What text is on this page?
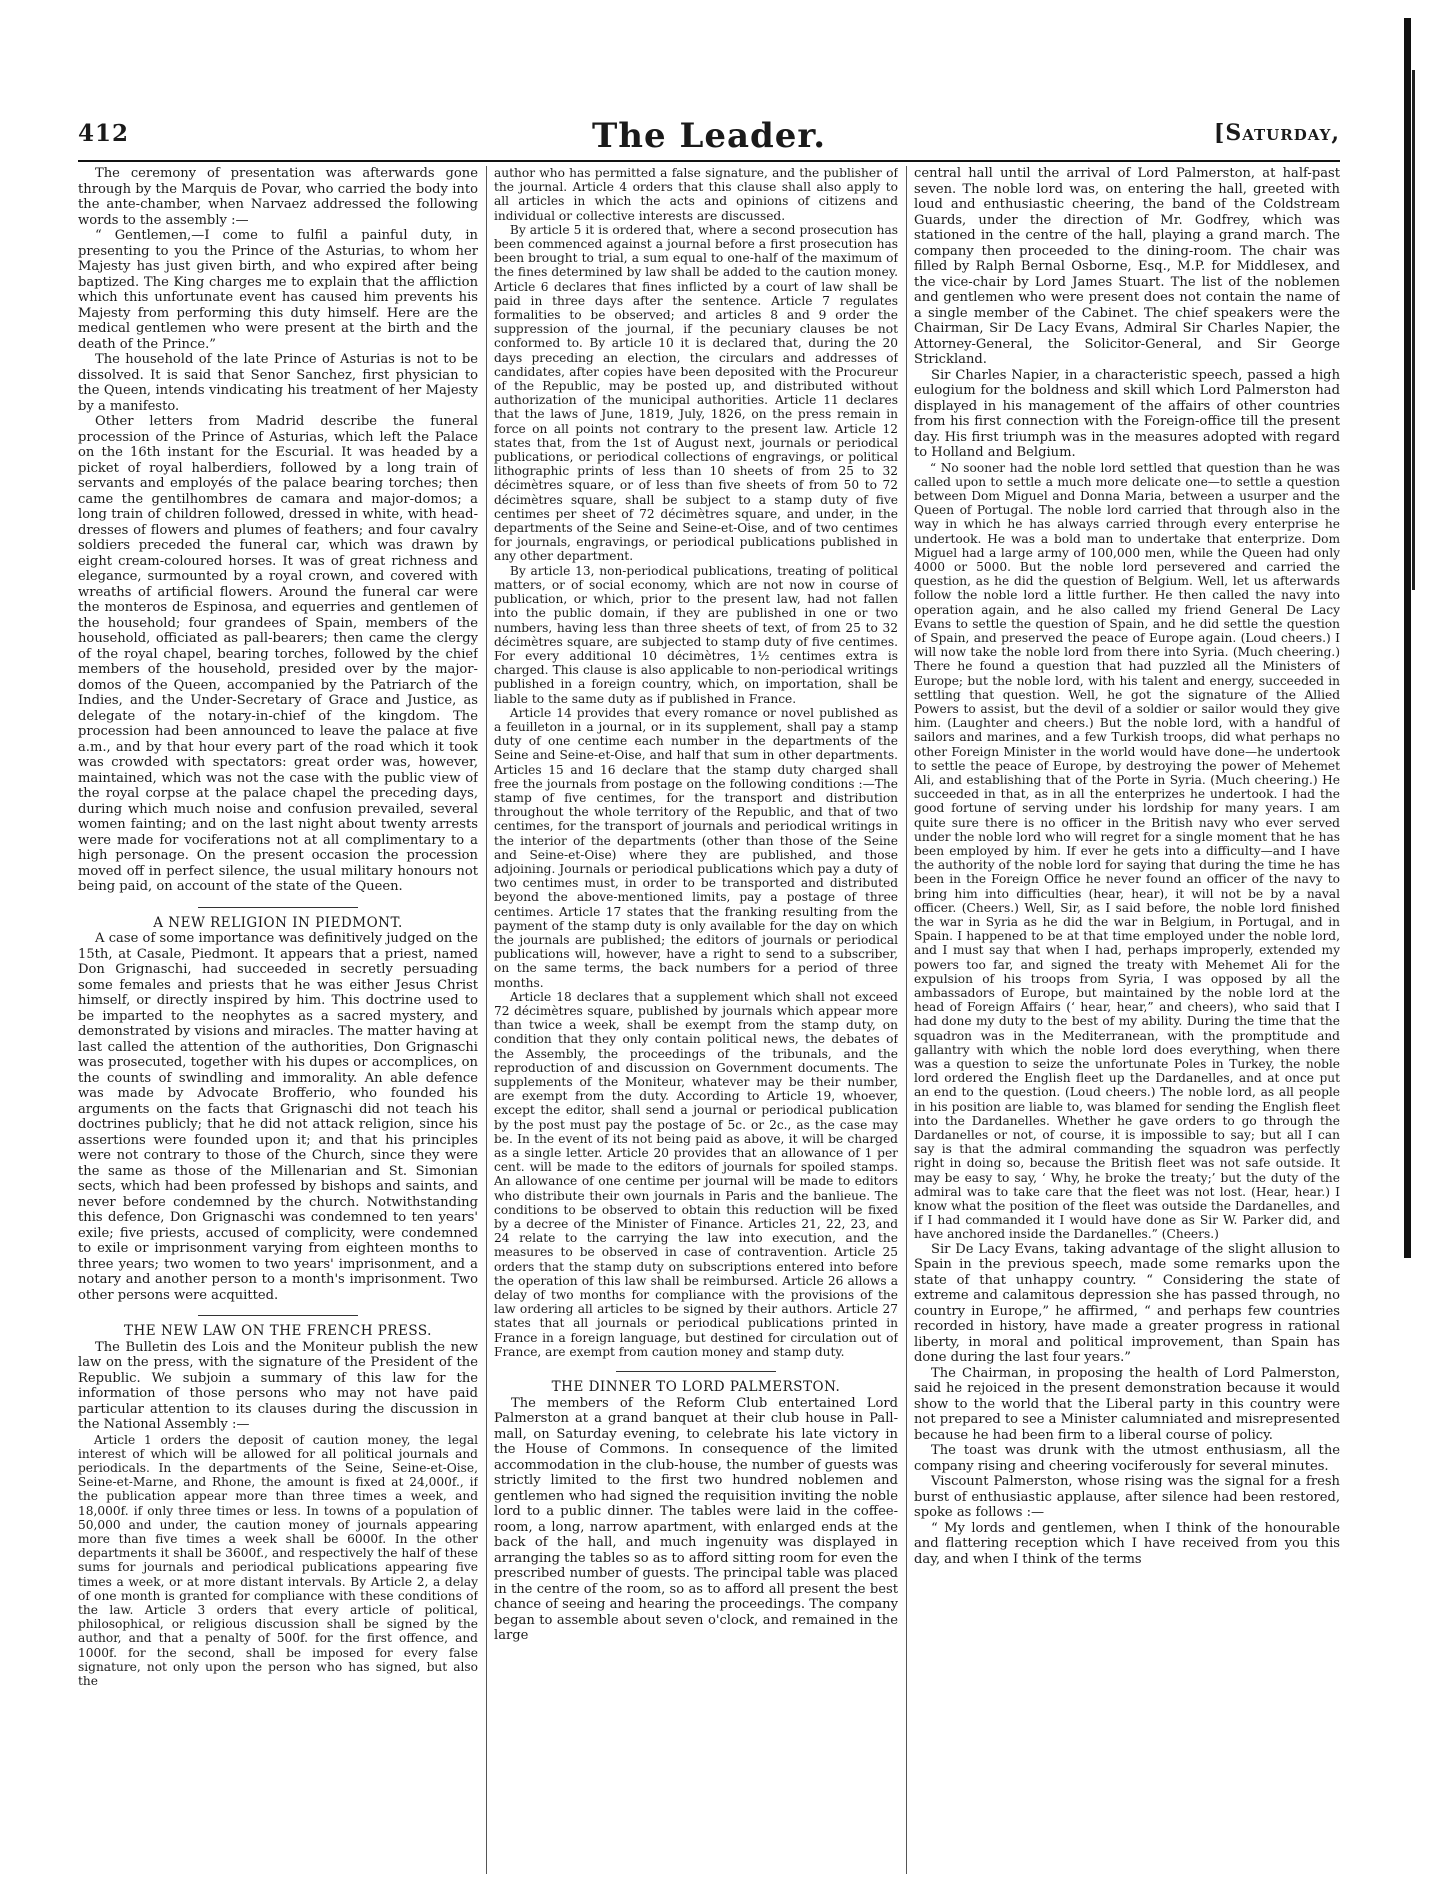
412	The Leader.	[Saturday,

The ceremony of presentation was afterwards gone through by the Marquis de Povar, who carried the body into the ante-chamber, when Narvaez addressed the following words to the assembly :—

“ Gentlemen,—I come to fulfil a painful duty, in presenting to you the Prince of the Asturias, to whom her Majesty has just given birth, and who expired after being baptized. The King charges me to explain that the affliction which this unfortunate event has caused him prevents his Majesty from performing this duty himself. Here are the medical gentlemen who were present at the birth and the death of the Prince.”

The household of the late Prince of Asturias is not to be dissolved. It is said that Senor Sanchez, first physician to the Queen, intends vindicating his treatment of her Majesty by a manifesto.

Other letters from Madrid describe the funeral procession of the Prince of Asturias, which left the Palace on the 16th instant for the Escurial. It was headed by a picket of royal halberdiers, followed by a long train of servants and employés of the palace bearing torches; then came the gentilhombres de camara and major-domos; a long train of children followed, dressed in white, with head-dresses of flowers and plumes of feathers; and four cavalry soldiers preceded the funeral car, which was drawn by eight cream-coloured horses. It was of great richness and elegance, surmounted by a royal crown, and covered with wreaths of artificial flowers. Around the funeral car were the monteros de Espinosa, and equerries and gentlemen of the household; four grandees of Spain, members of the household, officiated as pall-bearers; then came the clergy of the royal chapel, bearing torches, followed by the chief members of the household, presided over by the major-domos of the Queen, accompanied by the Patriarch of the Indies, and the Under-Secretary of Grace and Justice, as delegate of the notary-in-chief of the kingdom. The procession had been announced to leave the palace at five a.m., and by that hour every part of the road which it took was crowded with spectators: great order was, however, maintained, which was not the case with the public view of the royal corpse at the palace chapel the preceding days, during which much noise and confusion prevailed, several women fainting; and on the last night about twenty arrests were made for vociferations not at all complimentary to a high personage. On the present occasion the procession moved off in perfect silence, the usual military honours not being paid, on account of the state of the Queen.

A NEW RELIGION IN PIEDMONT.

A case of some importance was definitively judged on the 15th, at Casale, Piedmont. It appears that a priest, named Don Grignaschi, had succeeded in secretly persuading some females and priests that he was either Jesus Christ himself, or directly inspired by him. This doctrine used to be imparted to the neophytes as a sacred mystery, and demonstrated by visions and miracles. The matter having at last called the attention of the authorities, Don Grignaschi was prosecuted, together with his dupes or accomplices, on the counts of swindling and immorality. An able defence was made by Advocate Brofferio, who founded his arguments on the facts that Grignaschi did not teach his doctrines publicly; that he did not attack religion, since his assertions were founded upon it; and that his principles were not contrary to those of the Church, since they were the same as those of the Millenarian and St. Simonian sects, which had been professed by bishops and saints, and never before condemned by the church. Notwithstanding this defence, Don Grignaschi was condemned to ten years' exile; five priests, accused of complicity, were condemned to exile or imprisonment varying from eighteen months to three years; two women to two years' imprisonment, and a notary and another person to a month's imprisonment. Two other persons were acquitted.

THE NEW LAW ON THE FRENCH PRESS.

The Bulletin des Lois and the Moniteur publish the new law on the press, with the signature of the President of the Republic. We subjoin a summary of this law for the information of those persons who may not have paid particular attention to its clauses during the discussion in the National Assembly :—

Article 1 orders the deposit of caution money, the legal interest of which will be allowed for all political journals and periodicals. In the departments of the Seine, Seine-et-Oise, Seine-et-Marne, and Rhone, the amount is fixed at 24,000f., if the publication appear more than three times a week, and 18,000f. if only three times or less. In towns of a population of 50,000 and under, the caution money of journals appearing more than five times a week shall be 6000f. In the other departments it shall be 3600f., and respectively the half of these sums for journals and periodical publications appearing five times a week, or at more distant intervals. By Article 2, a delay of one month is granted for compliance with these conditions of the law. Article 3 orders that every article of political, philosophical, or religious discussion shall be signed by the author, and that a penalty of 500f. for the first offence, and 1000f. for the second, shall be imposed for every false signature, not only upon the person who has signed, but also the

author who has permitted a false signature, and the publisher of the journal. Article 4 orders that this clause shall also apply to all articles in which the acts and opinions of citizens and individual or collective interests are discussed.

By article 5 it is ordered that, where a second prosecution has been commenced against a journal before a first prosecution has been brought to trial, a sum equal to one-half of the maximum of the fines determined by law shall be added to the caution money. Article 6 declares that fines inflicted by a court of law shall be paid in three days after the sentence. Article 7 regulates formalities to be observed; and articles 8 and 9 order the suppression of the journal, if the pecuniary clauses be not conformed to. By article 10 it is declared that, during the 20 days preceding an election, the circulars and addresses of candidates, after copies have been deposited with the Procureur of the Republic, may be posted up, and distributed without authorization of the municipal authorities. Article 11 declares that the laws of June, 1819, July, 1826, on the press remain in force on all points not contrary to the present law. Article 12 states that, from the 1st of August next, journals or periodical publications, or periodical collections of engravings, or political lithographic prints of less than 10 sheets of from 25 to 32 décimètres square, or of less than five sheets of from 50 to 72 décimètres square, shall be subject to a stamp duty of five centimes per sheet of 72 décimètres square, and under, in the departments of the Seine and Seine-et-Oise, and of two centimes for journals, engravings, or periodical publications published in any other department.

By article 13, non-periodical publications, treating of political matters, or of social economy, which are not now in course of publication, or which, prior to the present law, had not fallen into the public domain, if they are published in one or two numbers, having less than three sheets of text, of from 25 to 32 décimètres square, are subjected to stamp duty of five centimes. For every additional 10 décimètres, 1½ centimes extra is charged. This clause is also applicable to non-periodical writings published in a foreign country, which, on importation, shall be liable to the same duty as if published in France.

Article 14 provides that every romance or novel published as a feuilleton in a journal, or in its supplement, shall pay a stamp duty of one centime each number in the departments of the Seine and Seine-et-Oise, and half that sum in other departments. Articles 15 and 16 declare that the stamp duty charged shall free the journals from postage on the following conditions :—The stamp of five centimes, for the transport and distribution throughout the whole territory of the Republic, and that of two centimes, for the transport of journals and periodical writings in the interior of the departments (other than those of the Seine and Seine-et-Oise) where they are published, and those adjoining. Journals or periodical publications which pay a duty of two centimes must, in order to be transported and distributed beyond the above-mentioned limits, pay a postage of three centimes. Article 17 states that the franking resulting from the payment of the stamp duty is only available for the day on which the journals are published; the editors of journals or periodical publications will, however, have a right to send to a subscriber, on the same terms, the back numbers for a period of three months.

Article 18 declares that a supplement which shall not exceed 72 décimètres square, published by journals which appear more than twice a week, shall be exempt from the stamp duty, on condition that they only contain political news, the debates of the Assembly, the proceedings of the tribunals, and the reproduction of and discussion on Government documents. The supplements of the Moniteur, whatever may be their number, are exempt from the duty. According to Article 19, whoever, except the editor, shall send a journal or periodical publication by the post must pay the postage of 5c. or 2c., as the case may be. In the event of its not being paid as above, it will be charged as a single letter. Article 20 provides that an allowance of 1 per cent. will be made to the editors of journals for spoiled stamps. An allowance of one centime per journal will be made to editors who distribute their own journals in Paris and the banlieue. The conditions to be observed to obtain this reduction will be fixed by a decree of the Minister of Finance. Articles 21, 22, 23, and 24 relate to the carrying the law into execution, and the measures to be observed in case of contravention. Article 25 orders that the stamp duty on subscriptions entered into before the operation of this law shall be reimbursed. Article 26 allows a delay of two months for compliance with the provisions of the law ordering all articles to be signed by their authors. Article 27 states that all journals or periodical publications printed in France in a foreign language, but destined for circulation out of France, are exempt from caution money and stamp duty.

THE DINNER TO LORD PALMERSTON.

The members of the Reform Club entertained Lord Palmerston at a grand banquet at their club house in Pall-mall, on Saturday evening, to celebrate his late victory in the House of Commons. In consequence of the limited accommodation in the club-house, the number of guests was strictly limited to the first two hundred noblemen and gentlemen who had signed the requisition inviting the noble lord to a public dinner. The tables were laid in the coffee-room, a long, narrow apartment, with enlarged ends at the back of the hall, and much ingenuity was displayed in arranging the tables so as to afford sitting room for even the prescribed number of guests. The principal table was placed in the centre of the room, so as to afford all present the best chance of seeing and hearing the proceedings. The company began to assemble about seven o'clock, and remained in the large

central hall until the arrival of Lord Palmerston, at half-past seven. The noble lord was, on entering the hall, greeted with loud and enthusiastic cheering, the band of the Coldstream Guards, under the direction of Mr. Godfrey, which was stationed in the centre of the hall, playing a grand march. The company then proceeded to the dining-room. The chair was filled by Ralph Bernal Osborne, Esq., M.P. for Middlesex, and the vice-chair by Lord James Stuart. The list of the noblemen and gentlemen who were present does not contain the name of a single member of the Cabinet. The chief speakers were the Chairman, Sir De Lacy Evans, Admiral Sir Charles Napier, the Attorney-General, the Solicitor-General, and Sir George Strickland.

Sir Charles Napier, in a characteristic speech, passed a high eulogium for the boldness and skill which Lord Palmerston had displayed in his management of the affairs of other countries from his first connection with the Foreign-office till the present day. His first triumph was in the measures adopted with regard to Holland and Belgium.

“ No sooner had the noble lord settled that question than he was called upon to settle a much more delicate one—to settle a question between Dom Miguel and Donna Maria, between a usurper and the Queen of Portugal. The noble lord carried that through also in the way in which he has always carried through every enterprise he undertook. He was a bold man to undertake that enterprize. Dom Miguel had a large army of 100,000 men, while the Queen had only 4000 or 5000. But the noble lord persevered and carried the question, as he did the question of Belgium. Well, let us afterwards follow the noble lord a little further. He then called the navy into operation again, and he also called my friend General De Lacy Evans to settle the question of Spain, and he did settle the question of Spain, and preserved the peace of Europe again. (Loud cheers.) I will now take the noble lord from there into Syria. (Much cheering.) There he found a question that had puzzled all the Ministers of Europe; but the noble lord, with his talent and energy, succeeded in settling that question. Well, he got the signature of the Allied Powers to assist, but the devil of a soldier or sailor would they give him. (Laughter and cheers.) But the noble lord, with a handful of sailors and marines, and a few Turkish troops, did what perhaps no other Foreign Minister in the world would have done—he undertook to settle the peace of Europe, by destroying the power of Mehemet Ali, and establishing that of the Porte in Syria. (Much cheering.) He succeeded in that, as in all the enterprizes he undertook. I had the good fortune of serving under his lordship for many years. I am quite sure there is no officer in the British navy who ever served under the noble lord who will regret for a single moment that he has been employed by him. If ever he gets into a difficulty—and I have the authority of the noble lord for saying that during the time he has been in the Foreign Office he never found an officer of the navy to bring him into difficulties (hear, hear), it will not be by a naval officer. (Cheers.) Well, Sir, as I said before, the noble lord finished the war in Syria as he did the war in Belgium, in Portugal, and in Spain. I happened to be at that time employed under the noble lord, and I must say that when I had, perhaps improperly, extended my powers too far, and signed the treaty with Mehemet Ali for the expulsion of his troops from Syria, I was opposed by all the ambassadors of Europe, but maintained by the noble lord at the head of Foreign Affairs (‘ hear, hear,” and cheers), who said that I had done my duty to the best of my ability. During the time that the squadron was in the Mediterranean, with the promptitude and gallantry with which the noble lord does everything, when there was a question to seize the unfortunate Poles in Turkey, the noble lord ordered the English fleet up the Dardanelles, and at once put an end to the question. (Loud cheers.) The noble lord, as all people in his position are liable to, was blamed for sending the English fleet into the Dardanelles. Whether he gave orders to go through the Dardanelles or not, of course, it is impossible to say; but all I can say is that the admiral commanding the squadron was perfectly right in doing so, because the British fleet was not safe outside. It may be easy to say, ‘ Why, he broke the treaty;’ but the duty of the admiral was to take care that the fleet was not lost. (Hear, hear.) I know what the position of the fleet was outside the Dardanelles, and if I had commanded it I would have done as Sir W. Parker did, and have anchored inside the Dardanelles.” (Cheers.)

Sir De Lacy Evans, taking advantage of the slight allusion to Spain in the previous speech, made some remarks upon the state of that unhappy country. “ Considering the state of extreme and calamitous depression she has passed through, no country in Europe,” he affirmed, “ and perhaps few countries recorded in history, have made a greater progress in rational liberty, in moral and political improvement, than Spain has done during the last four years.”

The Chairman, in proposing the health of Lord Palmerston, said he rejoiced in the present demonstration because it would show to the world that the Liberal party in this country were not prepared to see a Minister calumniated and misrepresented because he had been firm to a liberal course of policy.

The toast was drunk with the utmost enthusiasm, all the company rising and cheering vociferously for several minutes.

Viscount Palmerston, whose rising was the signal for a fresh burst of enthusiastic applause, after silence had been restored, spoke as follows :—

“ My lords and gentlemen, when I think of the honourable and flattering reception which I have received from you this day, and when I think of the terms
